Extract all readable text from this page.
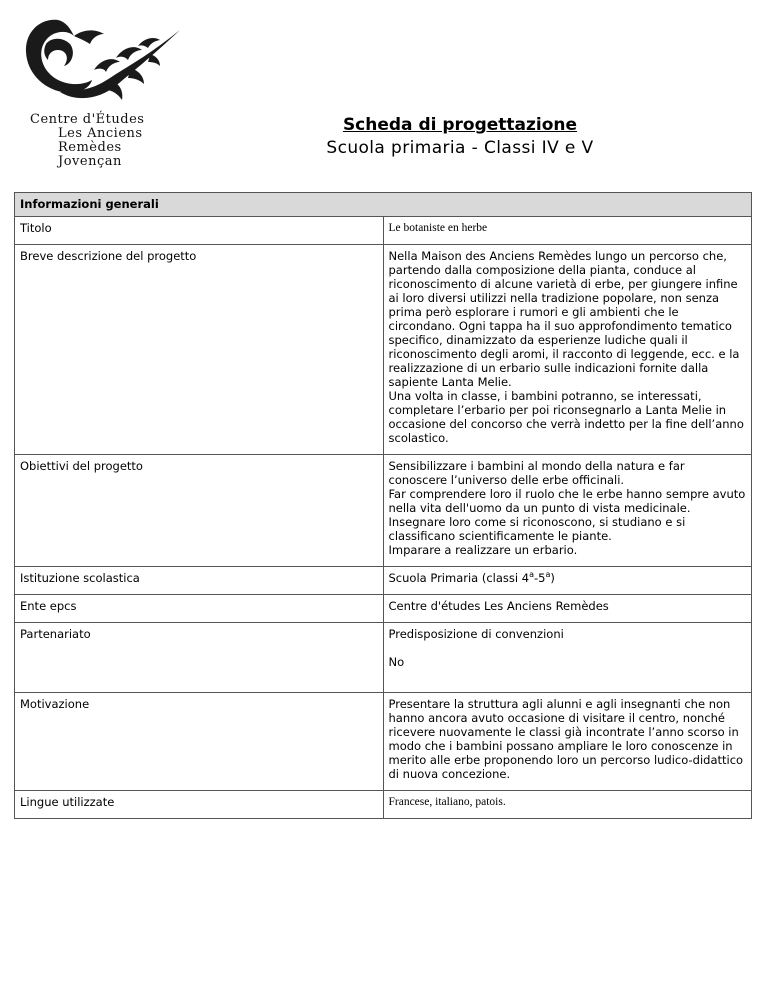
Centre d'Études
Les Anciens
Remèdes
Jovençan
Scheda di progettazione
Scuola primaria - Classi IV e V
Informazioni generali	
Titolo	Le botaniste en herbe
Breve descrizione del progetto	Nella Maison des Anciens Remèdes lungo un percorso che, partendo dalla composizione della pianta, conduce al riconoscimento di alcune varietà di erbe, per giungere infine ai loro diversi utilizzi nella tradizione popolare, non senza prima però esplorare i rumori e gli ambienti che le circondano. Ogni tappa ha il suo approfondimento tematico specifico, dinamizzato da esperienze ludiche quali il riconoscimento degli aromi, il racconto di leggende, ecc. e la realizzazione di un erbario sulle indicazioni fornite dalla sapiente Lanta Melie.
Una volta in classe, i bambini potranno, se interessati, completare l’erbario per poi riconsegnarlo a Lanta Melie in occasione del concorso che verrà indetto per la fine dell’anno scolastico.

Obiettivi del progetto	Sensibilizzare i bambini al mondo della natura e far conoscere l’universo delle erbe officinali.
Far comprendere loro il ruolo che le erbe hanno sempre avuto nella vita dell'uomo da un punto di vista medicinale.
Insegnare loro come si riconoscono, si studiano e si classificano scientificamente le piante.
Imparare a realizzare un erbario.

Istituzione scolastica	Scuola Primaria (classi 4$^a$-5$^a$)
Ente epcs	Centre d'études Les Anciens Remèdes
Partenariato	Predisposizione di convenzioni
No

Motivazione	Presentare la struttura agli alunni e agli insegnanti che non hanno ancora avuto occasione di visitare il centro, nonché ricevere nuovamente le classi già incontrate l’anno scorso in modo che i bambini possano ampliare le loro conoscenze in merito alle erbe proponendo loro un percorso ludico-didattico di nuova concezione.
Lingue utilizzate	Francese, italiano, patois.
